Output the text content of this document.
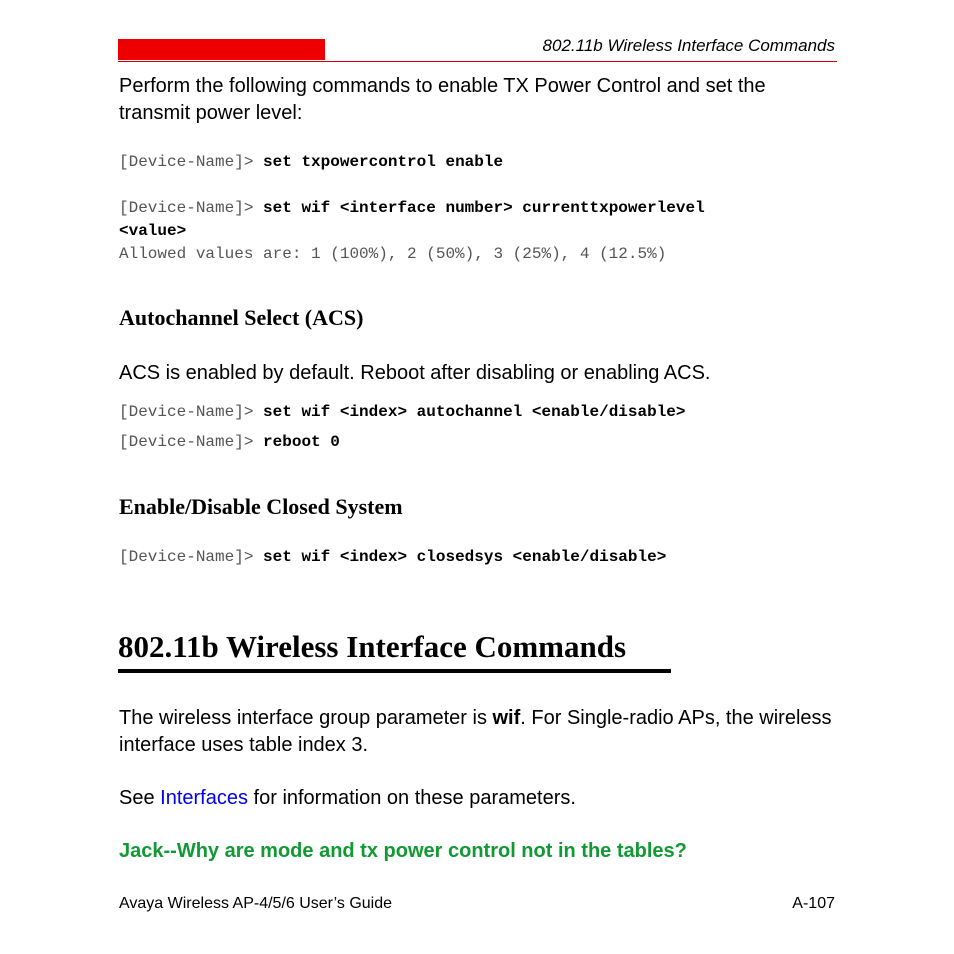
802.11b Wireless Interface Commands
Perform the following commands to enable TX Power Control and set the transmit power level:
[Device-Name]> set txpowercontrol enable
[Device-Name]> set wif <interface number> currenttxpowerlevel
<value>
Allowed values are: 1 (100%), 2 (50%), 3 (25%), 4 (12.5%)
Autochannel Select (ACS)
ACS is enabled by default. Reboot after disabling or enabling ACS.
[Device-Name]> set wif <index> autochannel <enable/disable>
[Device-Name]> reboot 0
Enable/Disable Closed System
[Device-Name]> set wif <index> closedsys <enable/disable>
802.11b Wireless Interface Commands
The wireless interface group parameter is wif. For Single-radio APs, the wireless interface uses table index 3.
See Interfaces for information on these parameters.
Jack--Why are mode and tx power control not in the tables?
Avaya Wireless AP-4/5/6 User’s Guide	A-107
